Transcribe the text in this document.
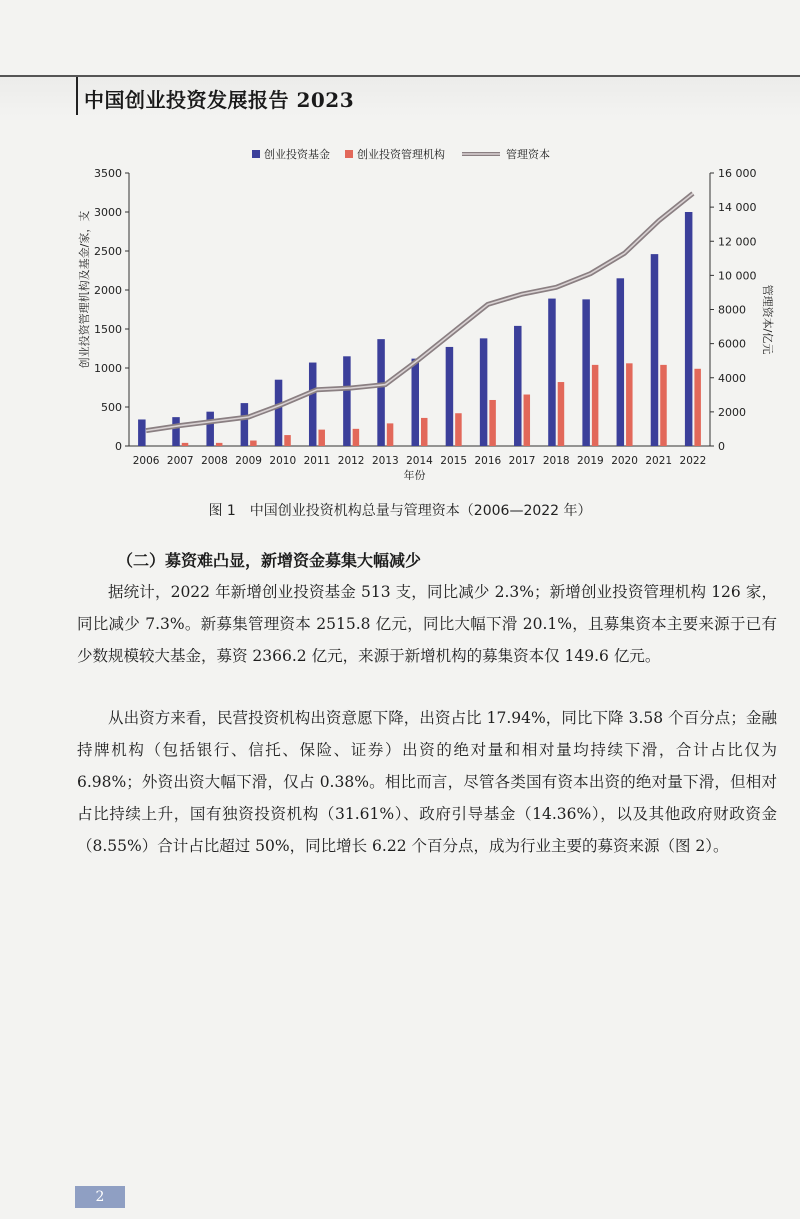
中国创业投资发展报告 2023
0
500
1000
1500
2000
2500
3000
3500
0
2000
4000
6000
8000
10 000
12 000
14 000
16 000
2006 2007 2008 2009 2010 2011 2012 2013 2014 2015 2016 2017 2018 2019 2020 2021 2022
年份
创业投资管理机构及基金/家，支	管理资本/亿元
创业投资基金 创业投资管理机构	管理资本
图 1　中国创业投资机构总量与管理资本（2006—2022 年）
（二）募资难凸显，新增资金募集大幅减少

据统计，2022 年新增创业投资基金 513 支，同比减少 2.3%；新增创业投资管理机构 126 家，同比减少 7.3%。新募集管理资本 2515.8 亿元，同比大幅下滑 20.1%，且募集资本主要来源于已有少数规模较大基金，募资 2366.2 亿元，来源于新增机构的募集资本仅 149.6 亿元。

从出资方来看，民营投资机构出资意愿下降，出资占比 17.94%，同比下降 3.58 个百分点；金融持牌机构（包括银行、信托、保险、证券）出资的绝对量和相对量均持续下滑，合计占比仅为 6.98%；外资出资大幅下滑，仅占 0.38%。相比而言，尽管各类国有资本出资的绝对量下滑，但相对占比持续上升，国有独资投资机构（31.61%）、政府引导基金（14.36%），以及其他政府财政资金（8.55%）合计占比超过 50%，同比增长 6.22 个百分点，成为行业主要的募资来源（图 2）。

2
